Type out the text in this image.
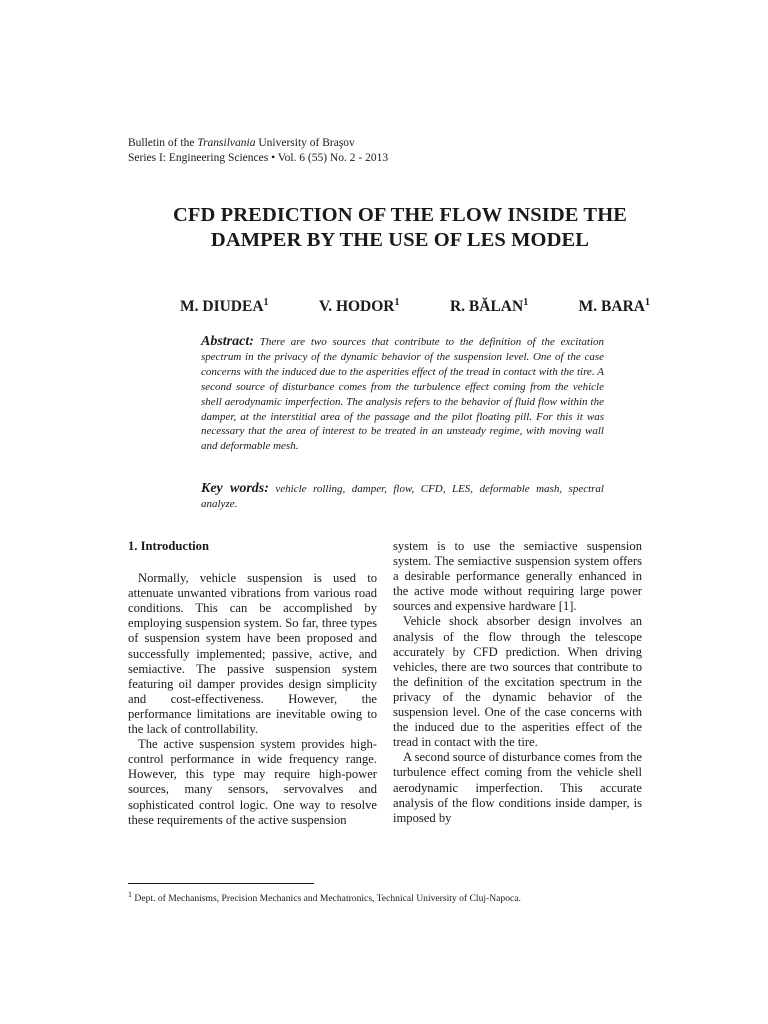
Bulletin of the Transilvania University of Braşov
Series I: Engineering Sciences • Vol. 6 (55) No. 2 - 2013
CFD PREDICTION OF THE FLOW INSIDE THE DAMPER BY THE USE OF LES MODEL
M. DIUDEA$^1$	V. HODOR$^1$	R. BĂLAN$^1$	M. BARA$^1$
Abstract: There are two sources that contribute to the definition of the excitation spectrum in the privacy of the dynamic behavior of the suspension level. One of the case concerns with the induced due to the asperities effect of the tread in contact with the tire. A second source of disturbance comes from the turbulence effect coming from the vehicle shell aerodynamic imperfection. The analysis refers to the behavior of fluid flow within the damper, at the interstitial area of the passage and the pilot floating pill. For this it was necessary that the area of interest to be treated in an unsteady regime, with moving wall and deformable mesh.
Key words: vehicle rolling, damper, flow, CFD, LES, deformable mash, spectral analyze.

1. Introduction

Normally, vehicle suspension is used to attenuate unwanted vibrations from various road conditions. This can be accomplished by employing suspension system. So far, three types of suspension system have been proposed and successfully implemented; passive, active, and semiactive. The passive suspension system featuring oil damper provides design simplicity and cost-effectiveness. However, the performance limitations are inevitable owing to the lack of controllability.

The active suspension system provides high-control performance in wide frequency range. However, this type may require high-power sources, many sensors, servovalves and sophisticated control logic. One way to resolve these requirements of the active suspension

system is to use the semiactive suspension system. The semiactive suspension system offers a desirable performance generally enhanced in the active mode without requiring large power sources and expensive hardware [1].

Vehicle shock absorber design involves an analysis of the flow through the telescope accurately by CFD prediction. When driving vehicles, there are two sources that contribute to the definition of the excitation spectrum in the privacy of the dynamic behavior of the suspension level. One of the case concerns with the induced due to the asperities effect of the tread in contact with the tire.

A second source of disturbance comes from the turbulence effect coming from the vehicle shell aerodynamic imperfection. This accurate analysis of the flow conditions inside damper, is imposed by

$^1$ Dept. of Mechanisms, Precision Mechanics and Mechatronics, Technical University of Cluj-Napoca.
